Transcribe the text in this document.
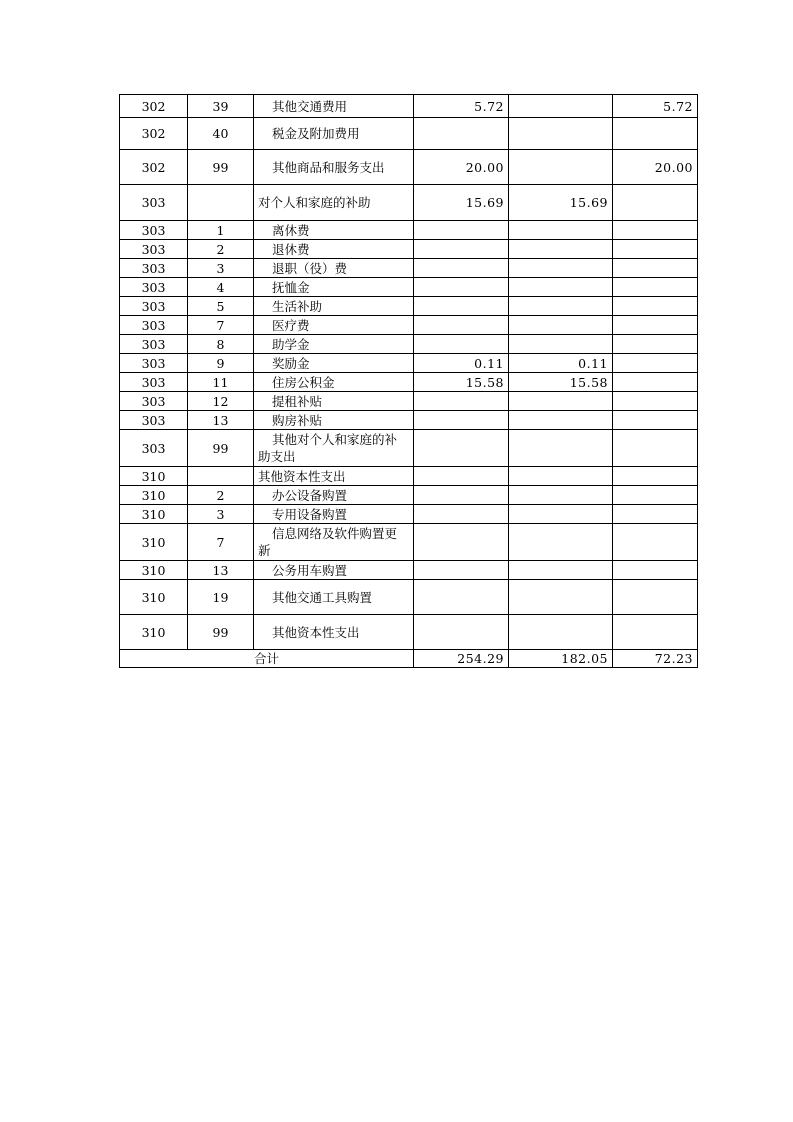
302	39	其他交通费用	5.72		5.72
302	40	税金及附加费用			
302	99	其他商品和服务支出	20.00		20.00
303		对个人和家庭的补助	15.69	15.69	
303	1	离休费			
303	2	退休费			
303	3	退职（役）费			
303	4	抚恤金			
303	5	生活补助			
303	7	医疗费			
303	8	助学金			
303	9	奖励金	0.11	0.11	
303	11	住房公积金	15.58	15.58	
303	12	提租补贴			
303	13	购房补贴			
303	99	其他对个人和家庭的补助支出			
310		其他资本性支出			
310	2	办公设备购置			
310	3	专用设备购置			
310	7	信息网络及软件购置更新			
310	13	公务用车购置			
310	19	其他交通工具购置			
310	99	其他资本性支出			
合计			254.29	182.05	72.23
